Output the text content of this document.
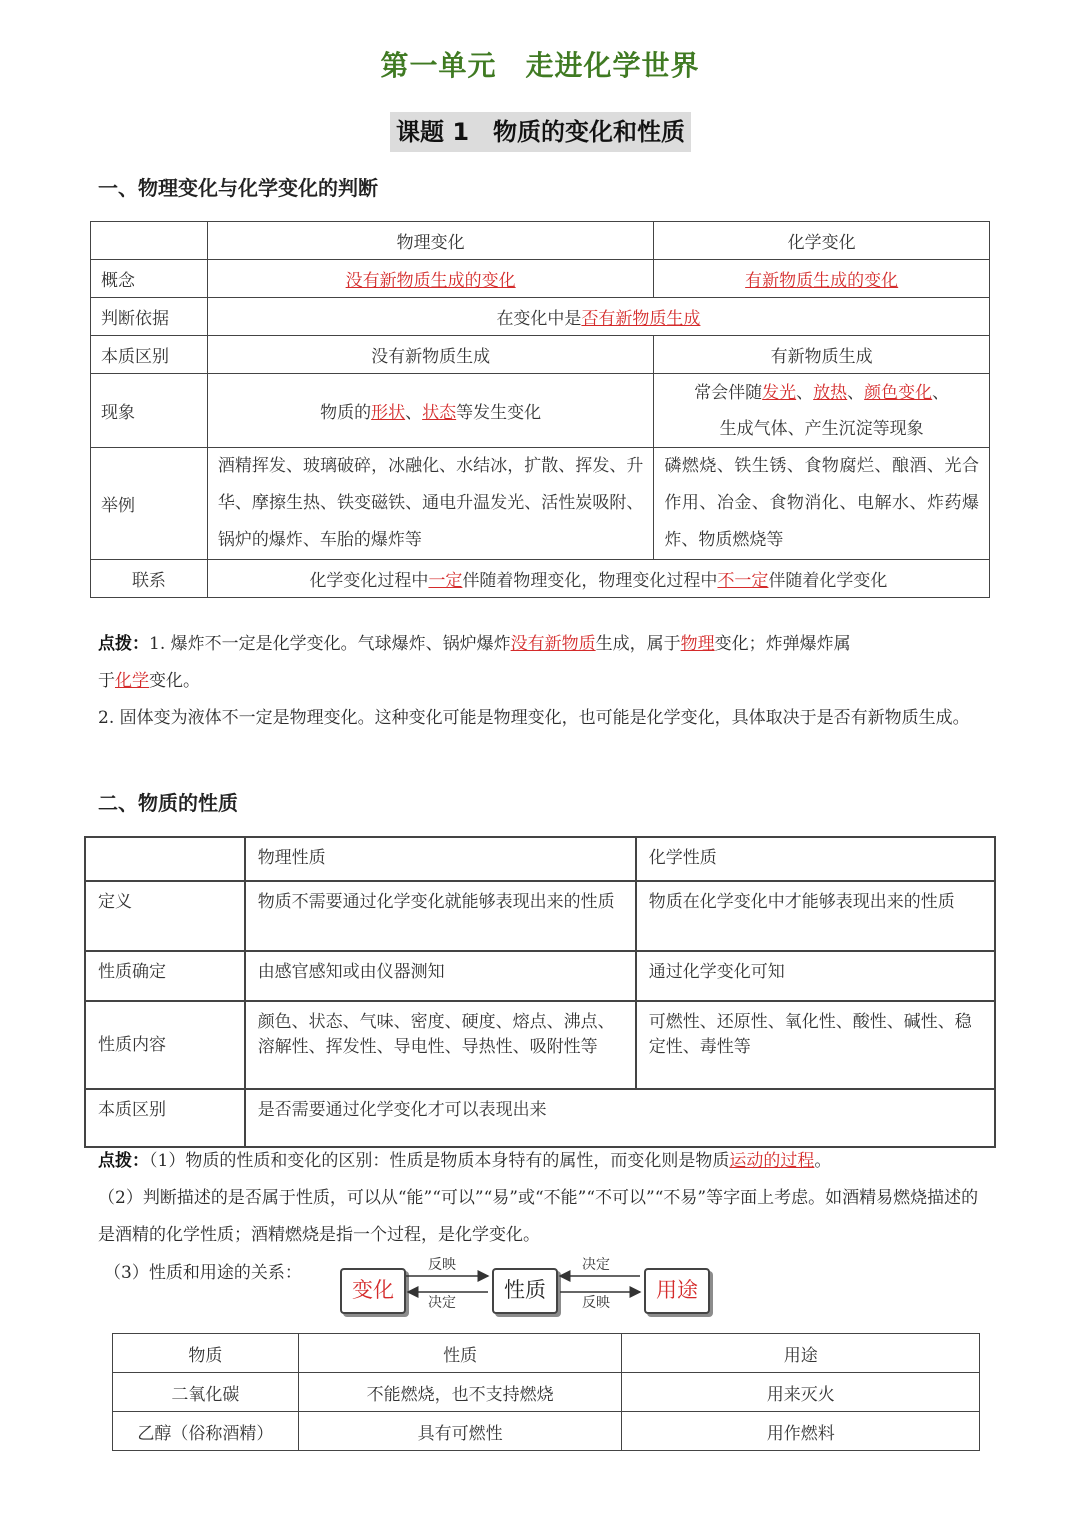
第一单元　走进化学世界
课题 1　物质的变化和性质
一、物理变化与化学变化的判断
	物理变化	化学变化
概念	没有新物质生成的变化	有新物质生成的变化
判断依据	在变化中是否有新物质生成	
本质区别	没有新物质生成	有新物质生成
现象	物质的形状、状态等发生变化	常会伴随发光、放热、颜色变化、
生成气体、产生沉淀等现象
举例	酒精挥发、玻璃破碎，冰融化、水结冰，扩散、挥发、升华、摩擦生热、铁变磁铁、通电升温发光、活性炭吸附、锅炉的爆炸、车胎的爆炸等	磷燃烧、铁生锈、食物腐烂、酿酒、光合作用、冶金、食物消化、电解水、炸药爆炸、物质燃烧等
联系	化学变化过程中一定伴随着物理变化，物理变化过程中不一定伴随着化学变化	
点拨：1. 爆炸不一定是化学变化。气球爆炸、锅炉爆炸没有新物质生成，属于物理变化；炸弹爆炸属
于化学变化。
2. 固体变为液体不一定是物理变化。这种变化可能是物理变化，也可能是化学变化，具体取决于是否有新物质生成。
二、物质的性质
	物理性质	化学性质
定义	物质不需要通过化学变化就能够表现出来的性质	物质在化学变化中才能够表现出来的性质
性质确定	由感官感知或由仪器测知	通过化学变化可知
性质内容	颜色、状态、气味、密度、硬度、熔点、沸点、溶解性、挥发性、导电性、导热性、吸附性等	可燃性、还原性、氧化性、酸性、碱性、稳定性、毒性等
本质区别	是否需要通过化学变化才可以表现出来	
点拨：（1）物质的性质和变化的区别：性质是物质本身特有的属性，而变化则是物质运动的过程。
（2）判断描述的是否属于性质，可以从“能”“可以”“易”或“不能”“不可以”“不易”等字面上考虑。如酒精易燃烧描述的是酒精的化学性质；酒精燃烧是指一个过程，是化学变化。
（3）性质和用途的关系：
变化	性质	用途
反映
决定
决定
反映
物质	性质	用途
二氧化碳	不能燃烧，也不支持燃烧	用来灭火
乙醇（俗称酒精）	具有可燃性	用作燃料
